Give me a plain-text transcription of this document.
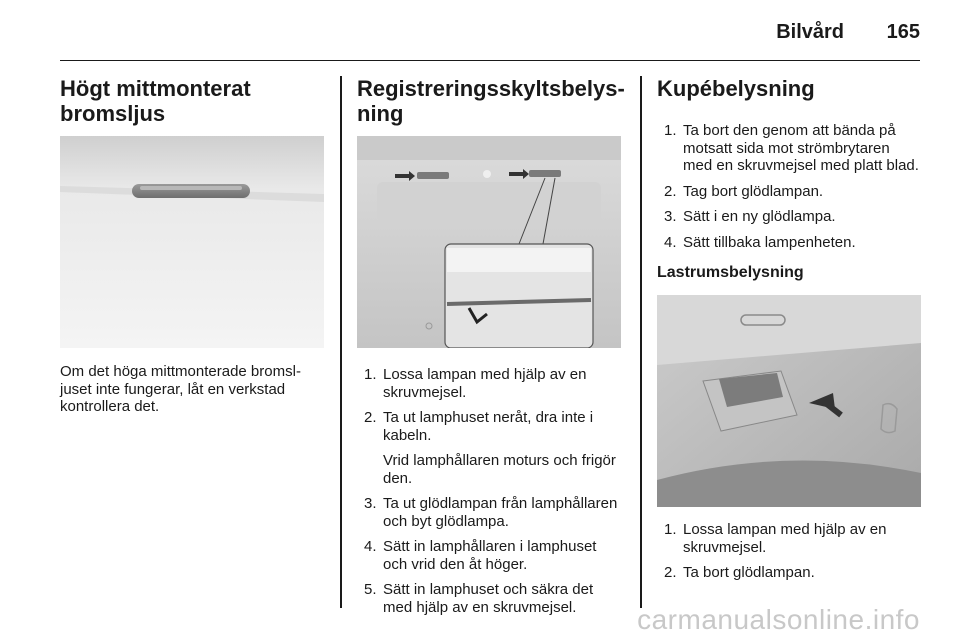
Bilvård 165
Högt mittmonterat
bromsljus

Om det höga mittmonterade bromsljuset inte fungerar, låt en verkstad kontrollera det.

Registreringsskyltsbelys-
ning
1. Lossa lampan med hjälp av en skruvmejsel.
2. Ta ut lamphuset neråt, dra inte i kabeln.
Vrid lamphållaren moturs och frigör den.
3. Ta ut glödlampan från lamphållaren och byt glödlampa.
4. Sätt in lamphållaren i lamphuset och vrid den åt höger.
5. Sätt in lamphuset och säkra det med hjälp av en skruvmejsel.
Kupébelysning
1. Ta bort den genom att bända på motsatt sida mot strömbrytaren med en skruvmejsel med platt blad.
2. Tag bort glödlampan.
3. Sätt i en ny glödlampa.
4. Sätt tillbaka lampenheten.
Lastrumsbelysning
1. Lossa lampan med hjälp av en skruvmejsel.
2. Ta bort glödlampan.
carmanualsonline.info
